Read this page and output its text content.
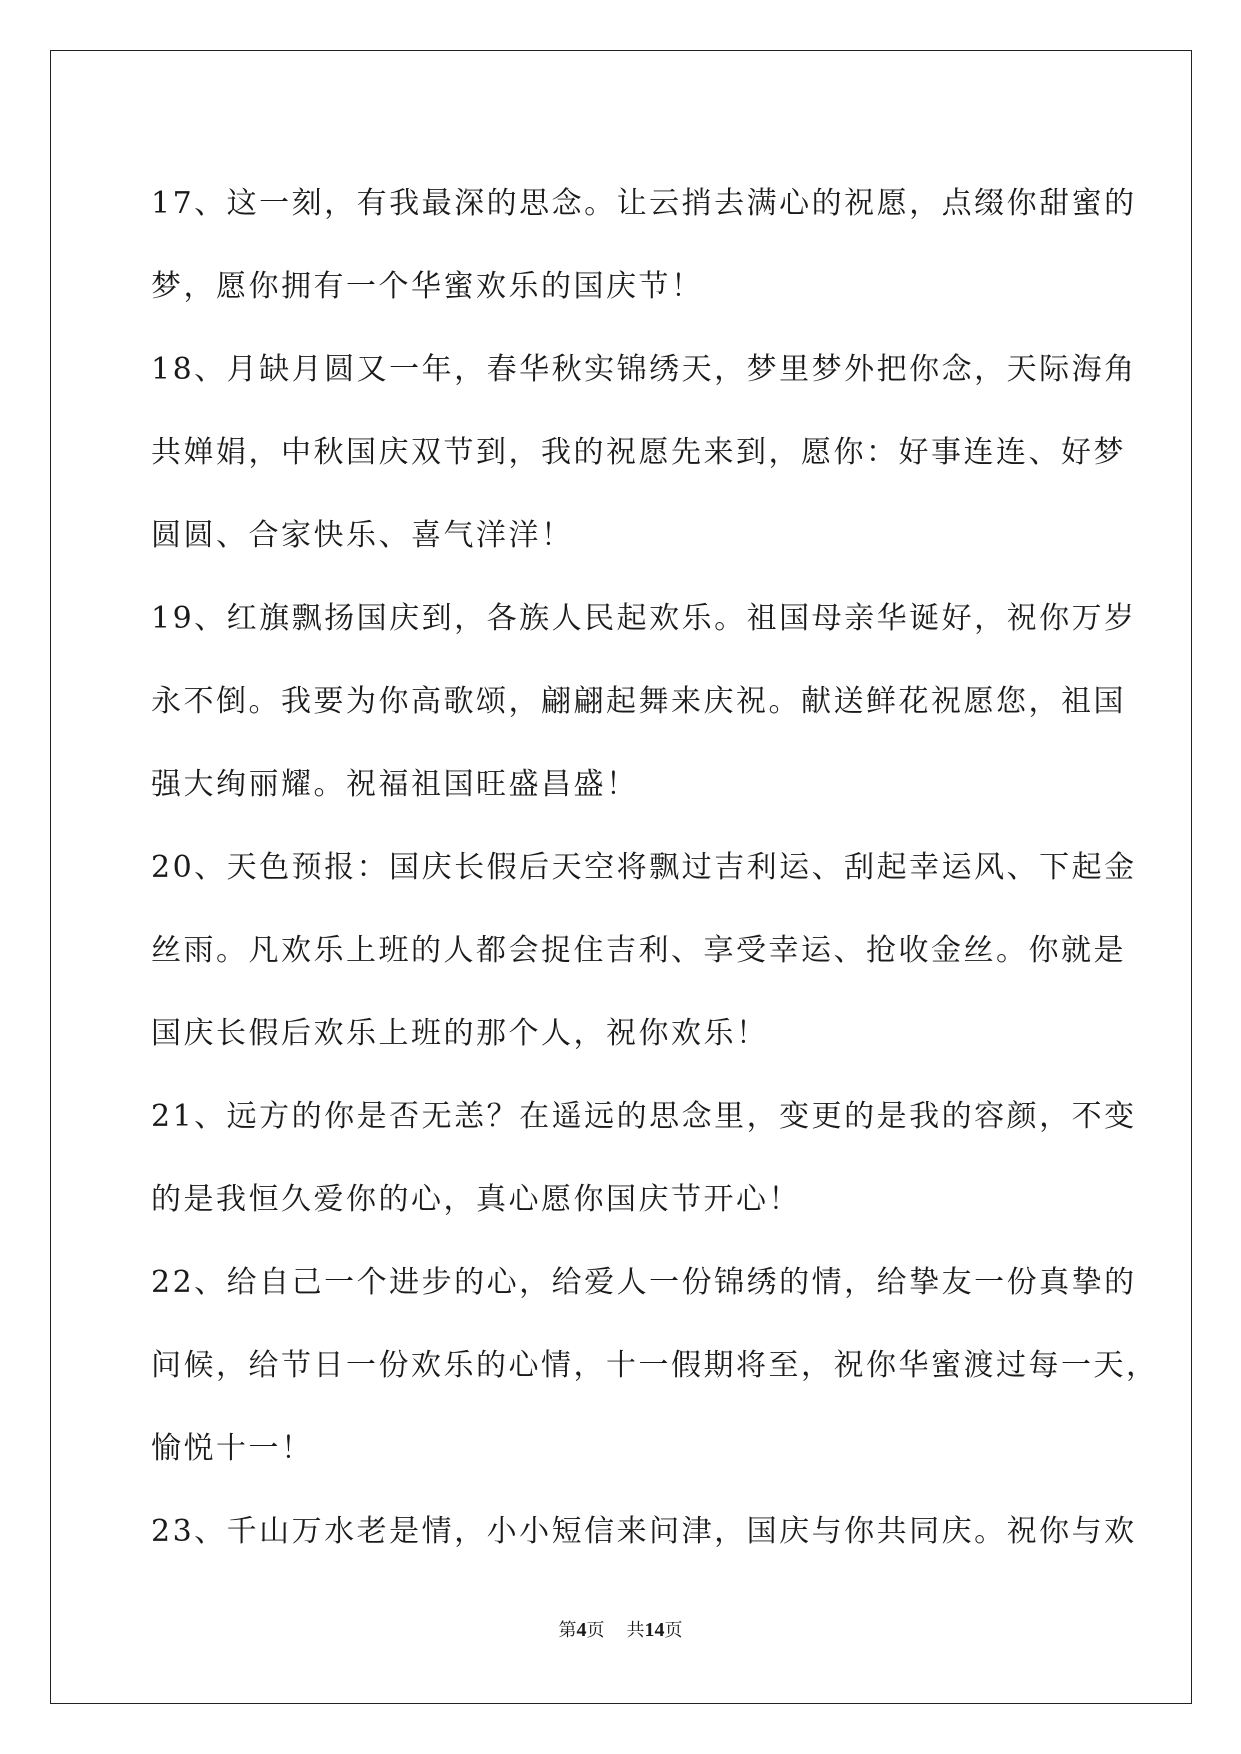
17、这一刻，有我最深的思念。让云捎去满心的祝愿，点缀你甜蜜的
梦，愿你拥有一个华蜜欢乐的国庆节！
18、月缺月圆又一年，春华秋实锦绣天，梦里梦外把你念，天际海角
共婵娟，中秋国庆双节到，我的祝愿先来到，愿你：好事连连、好梦
圆圆、合家快乐、喜气洋洋！
19、红旗飘扬国庆到，各族人民起欢乐。祖国母亲华诞好，祝你万岁
永不倒。我要为你高歌颂，翩翩起舞来庆祝。献送鲜花祝愿您，祖国
强大绚丽耀。祝福祖国旺盛昌盛！
20、天色预报：国庆长假后天空将飘过吉利运、刮起幸运风、下起金
丝雨。凡欢乐上班的人都会捉住吉利、享受幸运、抢收金丝。你就是
国庆长假后欢乐上班的那个人，祝你欢乐！
21、远方的你是否无恙？在遥远的思念里，变更的是我的容颜，不变
的是我恒久爱你的心，真心愿你国庆节开心！
22、给自己一个进步的心，给爱人一份锦绣的情，给挚友一份真挚的
问候，给节日一份欢乐的心情，十一假期将至，祝你华蜜渡过每一天，
愉悦十一！
23、千山万水老是情，小小短信来问津，国庆与你共同庆。祝你与欢
第4页 共14页
